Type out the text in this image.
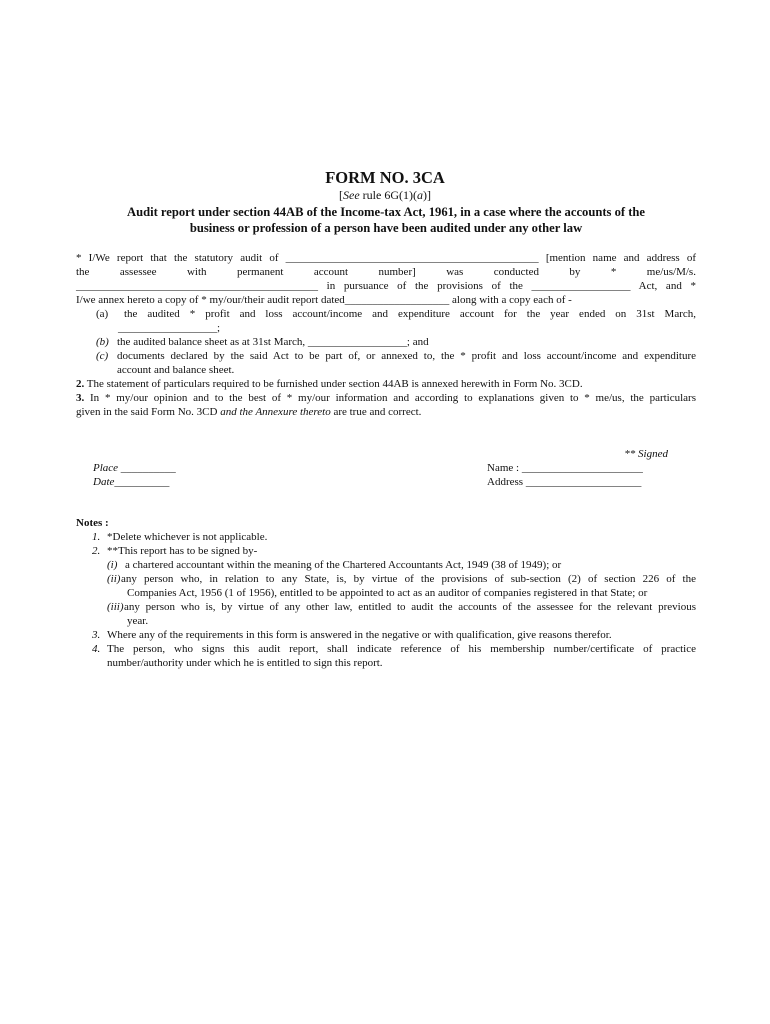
FORM NO. 3CA
[See rule 6G(1)(a)]
Audit report under section 44AB of the Income-tax Act, 1961, in a case where the accounts of the
business or profession of a person have been audited under any other law
* I/We report that the statutory audit of ______________________________________________ [mention name and address of
the	assessee	with	permanent	account	number]	was	conducted	by	*	me/us/M/s.
____________________________________________ in pursuance of the provisions of the __________________ Act, and *
I/we annex hereto a copy of * my/our/their audit report dated___________________ along with a copy each of -
(a) the audited * profit and loss account/income and expenditure account for the year ended on 31st March,
__________________;
(b) the audited balance sheet as at 31st March, __________________; and
(c) documents declared by the said Act to be part of, or annexed to, the * profit and loss account/income and expenditure
account and balance sheet.
2. The statement of particulars required to be furnished under section 44AB is annexed herewith in Form No. 3CD.
3. In * my/our opinion and to the best of * my/our information and according to explanations given to * me/us, the particulars
given in the said Form No. 3CD and the Annexure thereto are true and correct.
** Signed
Place __________
Date__________
Name : ______________________
Address _____________________
Notes :
1. *Delete whichever is not applicable.
2. **This report has to be signed by-
(i) a chartered accountant within the meaning of the Chartered Accountants Act, 1949 (38 of 1949); or
(ii) any person who, in relation to any State, is, by virtue of the provisions of sub-section (2) of section 226 of the
Companies Act, 1956 (1 of 1956), entitled to be appointed to act as an auditor of companies registered in that State; or
(iii) any person who is, by virtue of any other law, entitled to audit the accounts of the assessee for the relevant previous
year.
3. Where any of the requirements in this form is answered in the negative or with qualification, give reasons therefor.
4. The person, who signs this audit report, shall indicate reference of his membership number/certificate of practice
number/authority under which he is entitled to sign this report.
